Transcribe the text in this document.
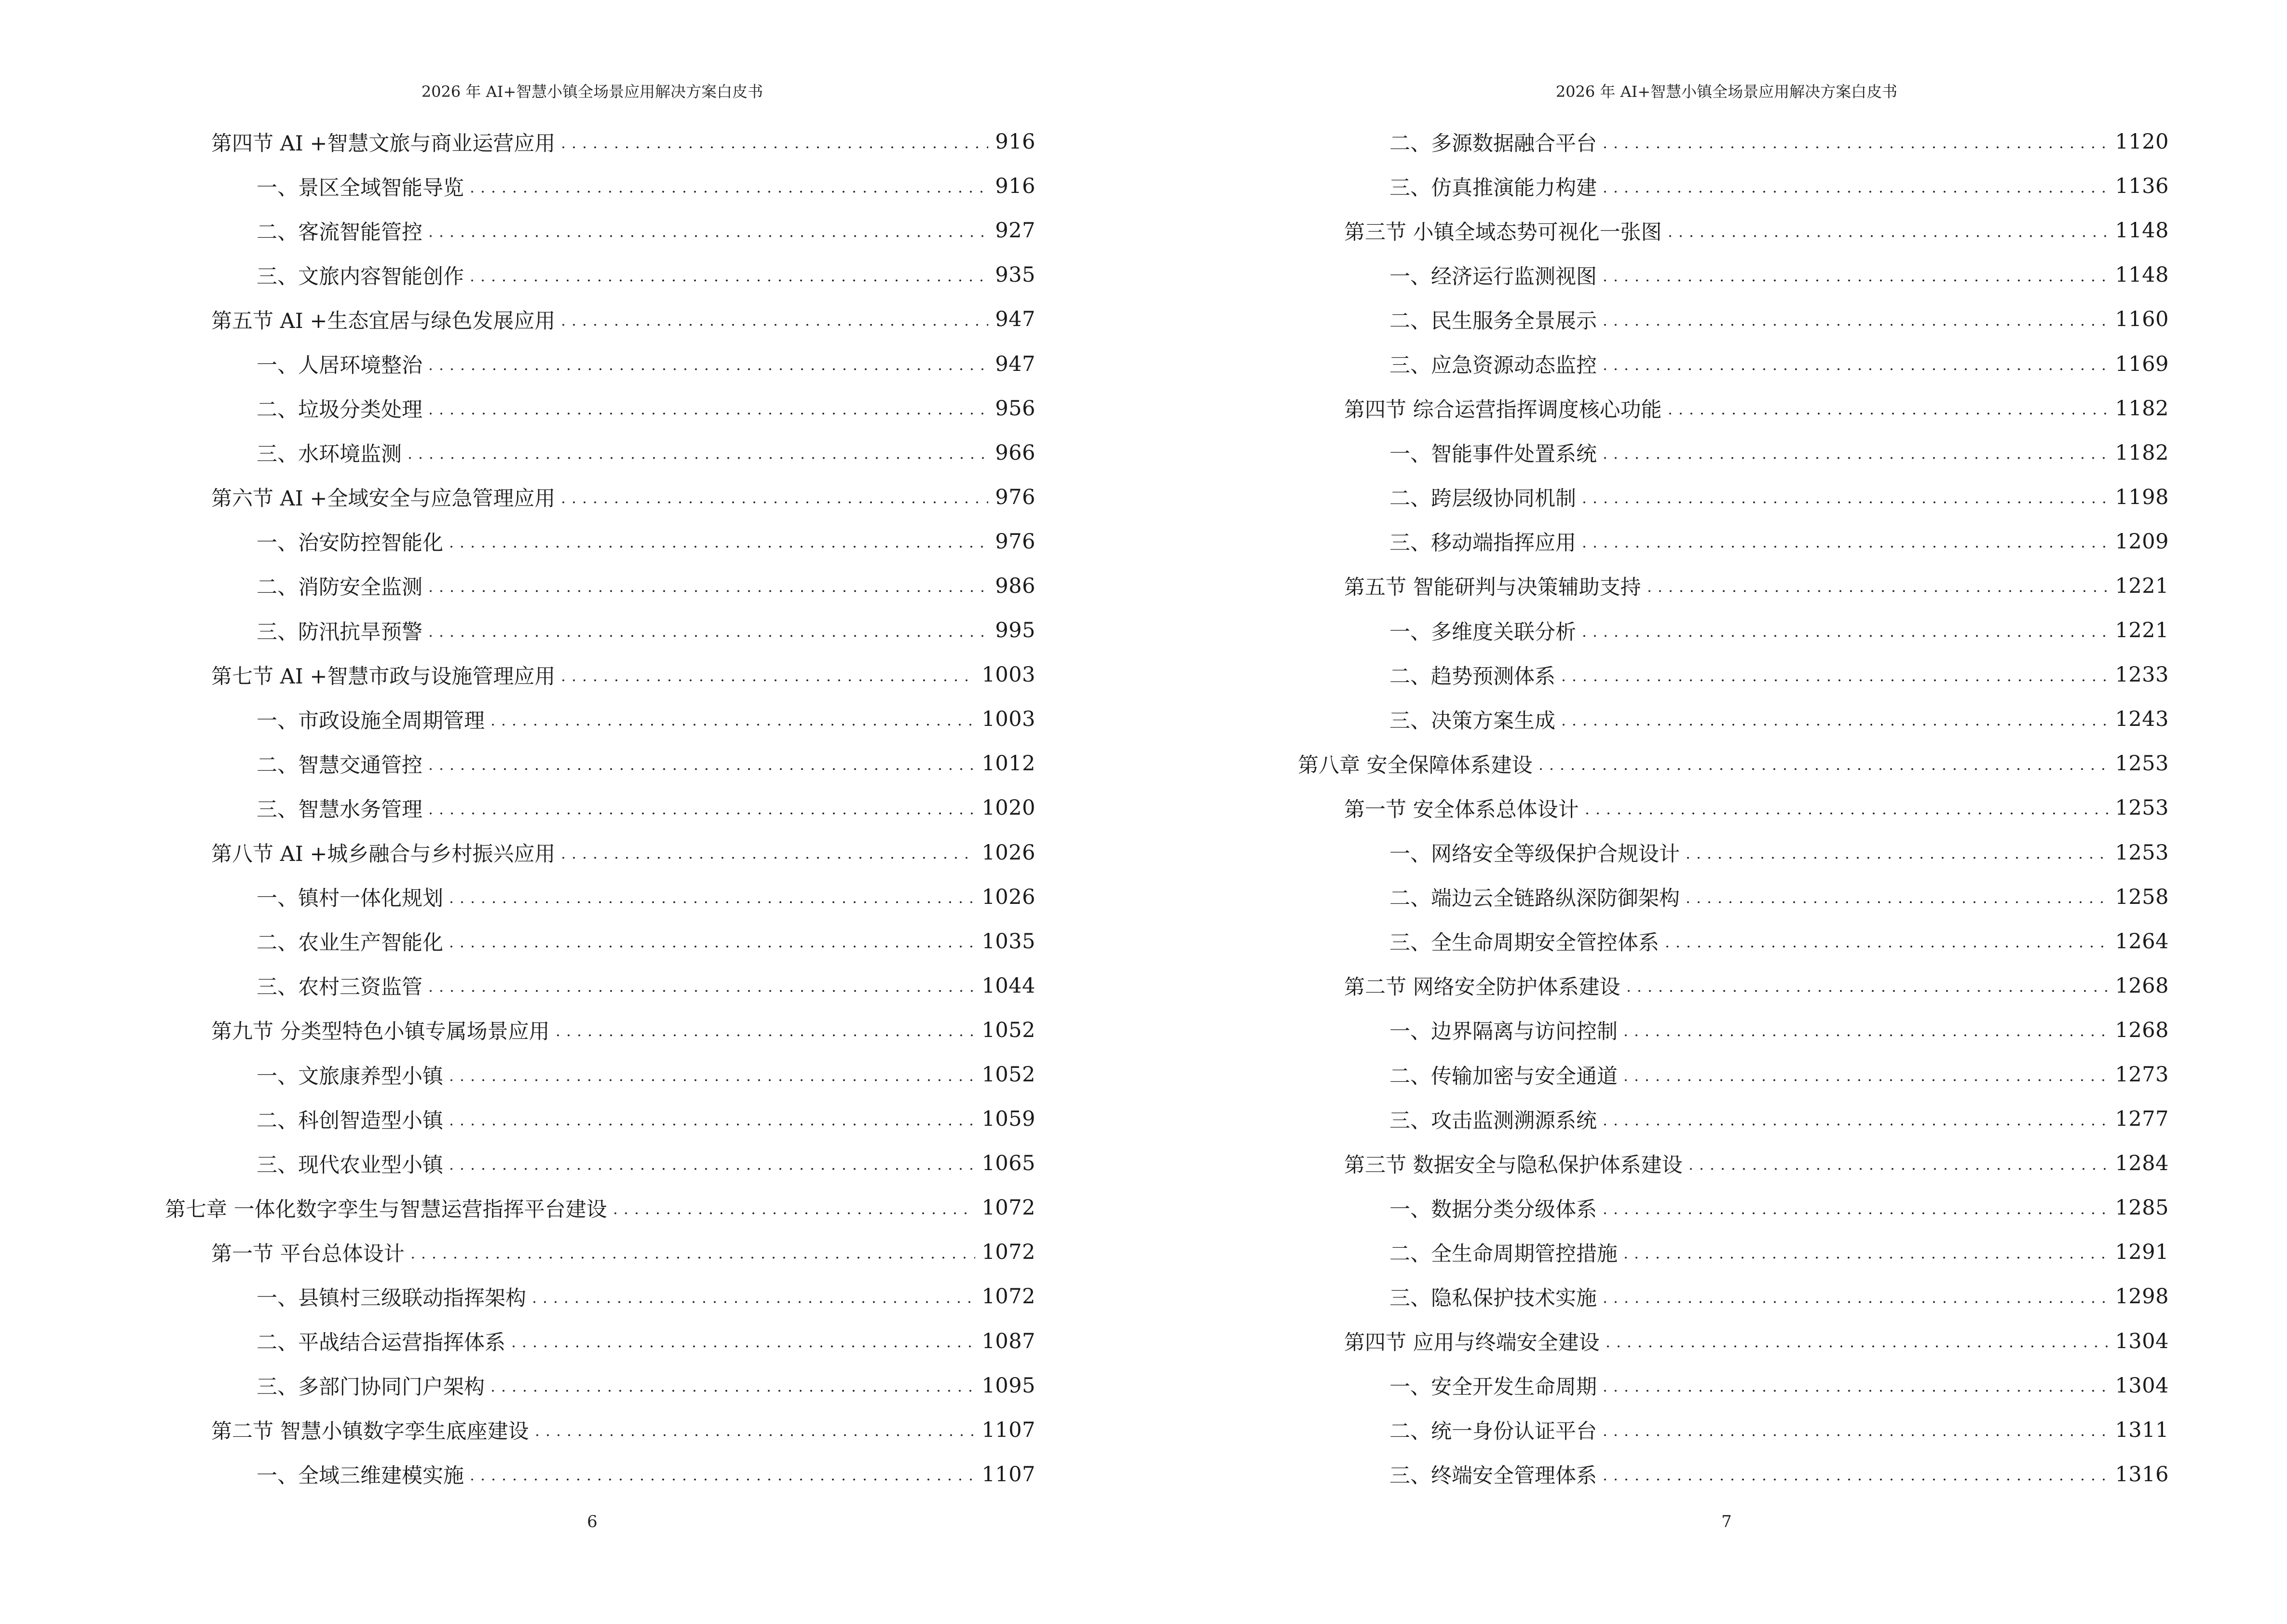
2026 年 AI+智慧小镇全场景应用解决方案白皮书
第四节 AI +智慧文旅与商业运营应用	916
一、景区全域智能导览	916
二、客流智能管控	927
三、文旅内容智能创作	935
第五节 AI +生态宜居与绿色发展应用	947
一、人居环境整治	947
二、垃圾分类处理	956
三、水环境监测	966
第六节 AI +全域安全与应急管理应用	976
一、治安防控智能化	976
二、消防安全监测	986
三、防汛抗旱预警	995
第七节 AI +智慧市政与设施管理应用	1003
一、市政设施全周期管理	1003
二、智慧交通管控	1012
三、智慧水务管理	1020
第八节 AI +城乡融合与乡村振兴应用	1026
一、镇村一体化规划	1026
二、农业生产智能化	1035
三、农村三资监管	1044
第九节 分类型特色小镇专属场景应用	1052
一、文旅康养型小镇	1052
二、科创智造型小镇	1059
三、现代农业型小镇	1065
第七章 一体化数字孪生与智慧运营指挥平台建设	1072
第一节 平台总体设计	1072
一、县镇村三级联动指挥架构	1072
二、平战结合运营指挥体系	1087
三、多部门协同门户架构	1095
第二节 智慧小镇数字孪生底座建设	1107
一、全域三维建模实施	1107
6
2026 年 AI+智慧小镇全场景应用解决方案白皮书
二、多源数据融合平台	1120
三、仿真推演能力构建	1136
第三节 小镇全域态势可视化一张图	1148
一、经济运行监测视图	1148
二、民生服务全景展示	1160
三、应急资源动态监控	1169
第四节 综合运营指挥调度核心功能	1182
一、智能事件处置系统	1182
二、跨层级协同机制	1198
三、移动端指挥应用	1209
第五节 智能研判与决策辅助支持	1221
一、多维度关联分析	1221
二、趋势预测体系	1233
三、决策方案生成	1243
第八章 安全保障体系建设	1253
第一节 安全体系总体设计	1253
一、网络安全等级保护合规设计	1253
二、端边云全链路纵深防御架构	1258
三、全生命周期安全管控体系	1264
第二节 网络安全防护体系建设	1268
一、边界隔离与访问控制	1268
二、传输加密与安全通道	1273
三、攻击监测溯源系统	1277
第三节 数据安全与隐私保护体系建设	1284
一、数据分类分级体系	1285
二、全生命周期管控措施	1291
三、隐私保护技术实施	1298
第四节 应用与终端安全建设	1304
一、安全开发生命周期	1304
二、统一身份认证平台	1311
三、终端安全管理体系	1316
7
